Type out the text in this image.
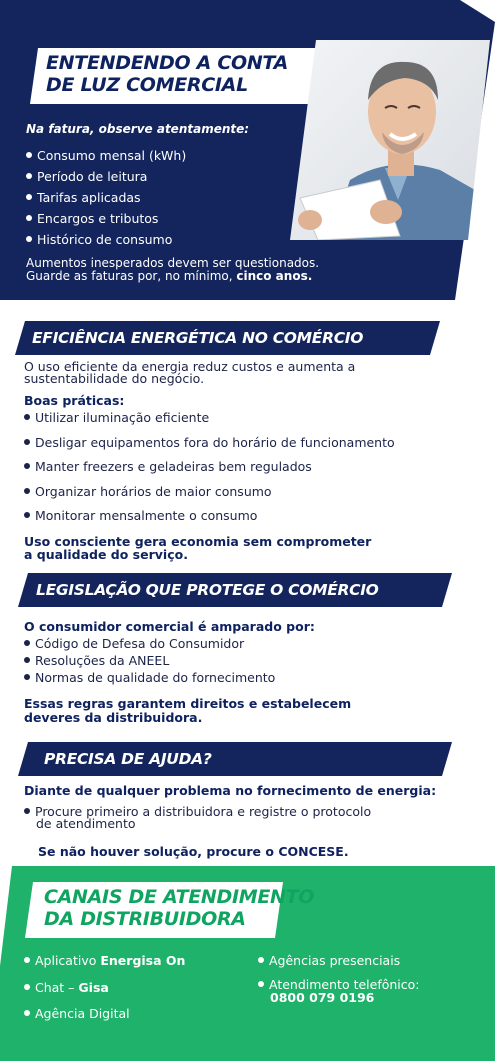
ENTENDENDO A CONTA
DE LUZ COMERCIAL
Na fatura, observe atentamente:
Consumo mensal (kWh)
Período de leitura
Tarifas aplicadas
Encargos e tributos
Histórico de consumo
Aumentos inesperados devem ser questionados.
Guarde as faturas por, no mínimo, cinco anos.
EFICIÊNCIA ENERGÉTICA NO COMÉRCIO
O uso eficiente da energia reduz custos e aumenta a
sustentabilidade do negócio.
Boas práticas:
Utilizar iluminação eficiente
Desligar equipamentos fora do horário de funcionamento
Manter freezers e geladeiras bem regulados
Organizar horários de maior consumo
Monitorar mensalmente o consumo
Uso consciente gera economia sem comprometer
a qualidade do serviço.
LEGISLAÇÃO QUE PROTEGE O COMÉRCIO
O consumidor comercial é amparado por:
Código de Defesa do Consumidor
Resoluções da ANEEL
Normas de qualidade do fornecimento
Essas regras garantem direitos e estabelecem
deveres da distribuidora.
PRECISA DE AJUDA?
Diante de qualquer problema no fornecimento de energia:
Procure primeiro a distribuidora e registre o protocolo
de atendimento
Se não houver solução, procure o CONCESE.
CANAIS DE ATENDIMENTO
DA DISTRIBUIDORA
Aplicativo Energisa On
Chat – Gisa
Agência Digital
Agências presenciais
Atendimento telefônico:
0800 079 0196
